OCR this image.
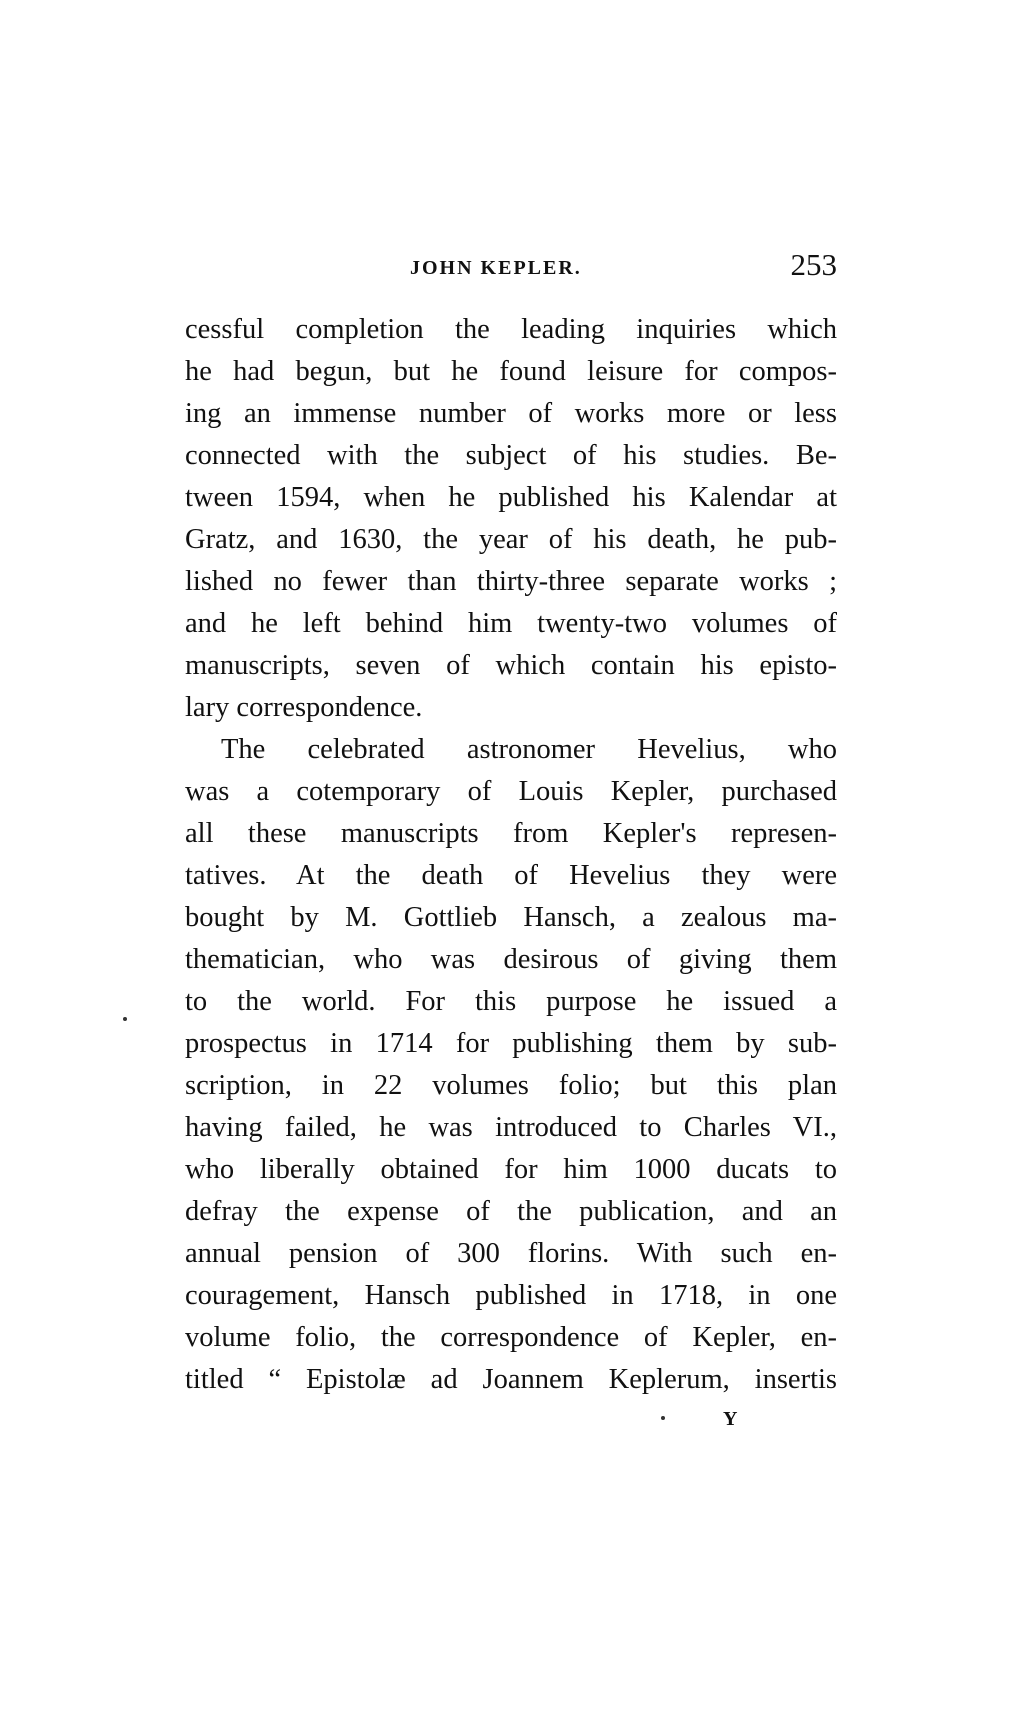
JOHN KEPLER.	253
cessful completion the leading inquiries which
he had begun, but he found leisure for compos-
ing an immense number of works more or less
connected with the subject of his studies. Be-
tween 1594, when he published his Kalendar at
Gratz, and 1630, the year of his death, he pub-
lished no fewer than thirty-three separate works ;
and he left behind him twenty-two volumes of
manuscripts, seven of which contain his episto-
lary correspondence.
The celebrated astronomer Hevelius, who
was a cotemporary of Louis Kepler, purchased
all these manuscripts from Kepler's represen-
tatives. At the death of Hevelius they were
bought by M. Gottlieb Hansch, a zealous ma-
thematician, who was desirous of giving them
to the world. For this purpose he issued a
prospectus in 1714 for publishing them by sub-
scription, in 22 volumes folio; but this plan
having failed, he was introduced to Charles VI.,
who liberally obtained for him 1000 ducats to
defray the expense of the publication, and an
annual pension of 300 florins. With such en-
couragement, Hansch published in 1718, in one
volume folio, the correspondence of Kepler, en-
titled “ Epistolæ ad Joannem Keplerum, insertis
Y
